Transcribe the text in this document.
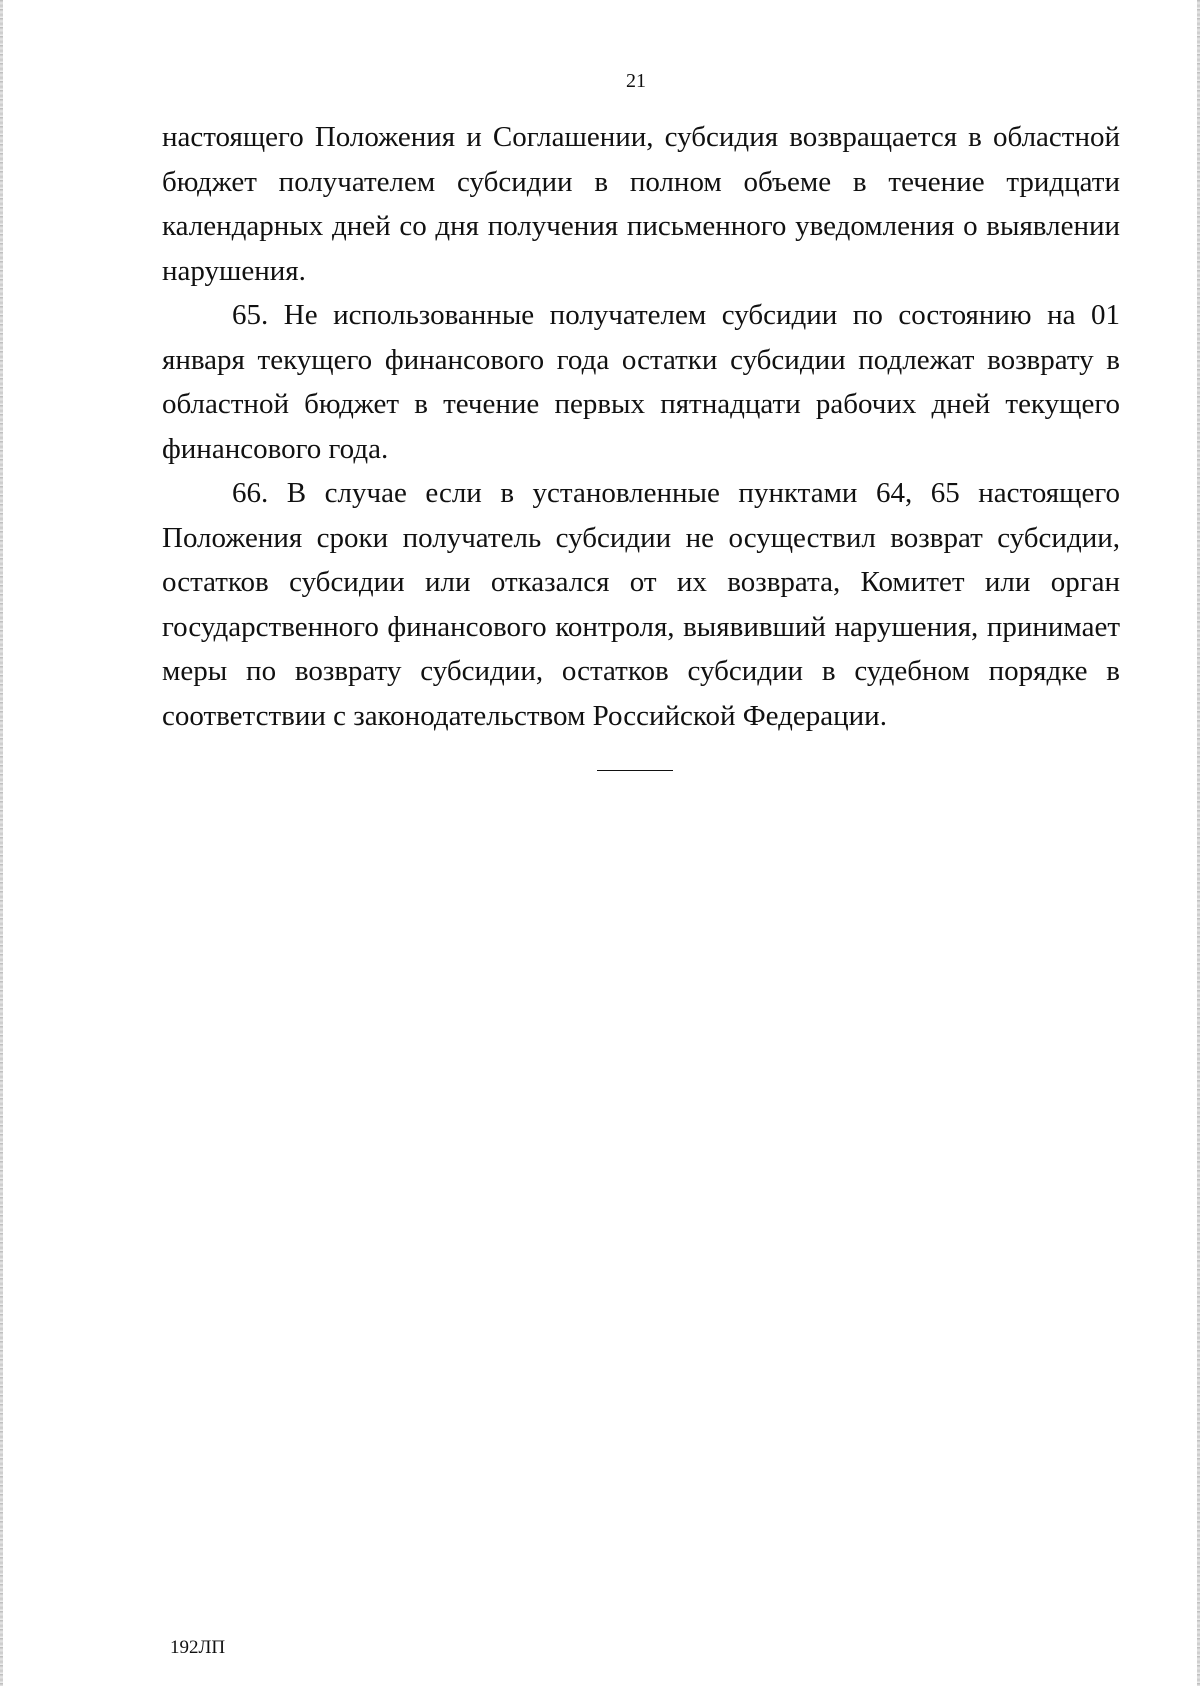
21

настоящего Положения и Соглашении, субсидия возвращается в областной бюджет получателем субсидии в полном объеме в течение тридцати календарных дней со дня получения письменного уведомления о выявлении нарушения.

65. Не использованные получателем субсидии по состоянию на 01 января текущего финансового года остатки субсидии подлежат возврату в областной бюджет в течение первых пятнадцати рабочих дней текущего финансового года.

66. В случае если в установленные пунктами 64, 65 настоящего Положения сроки получатель субсидии не осуществил возврат субсидии, остатков субсидии или отказался от их возврата, Комитет или орган государственного финансового контроля, выявивший нарушения, принимает меры по возврату субсидии, остатков субсидии в судебном порядке в соответствии с законодательством Российской Федерации.

192ЛП
